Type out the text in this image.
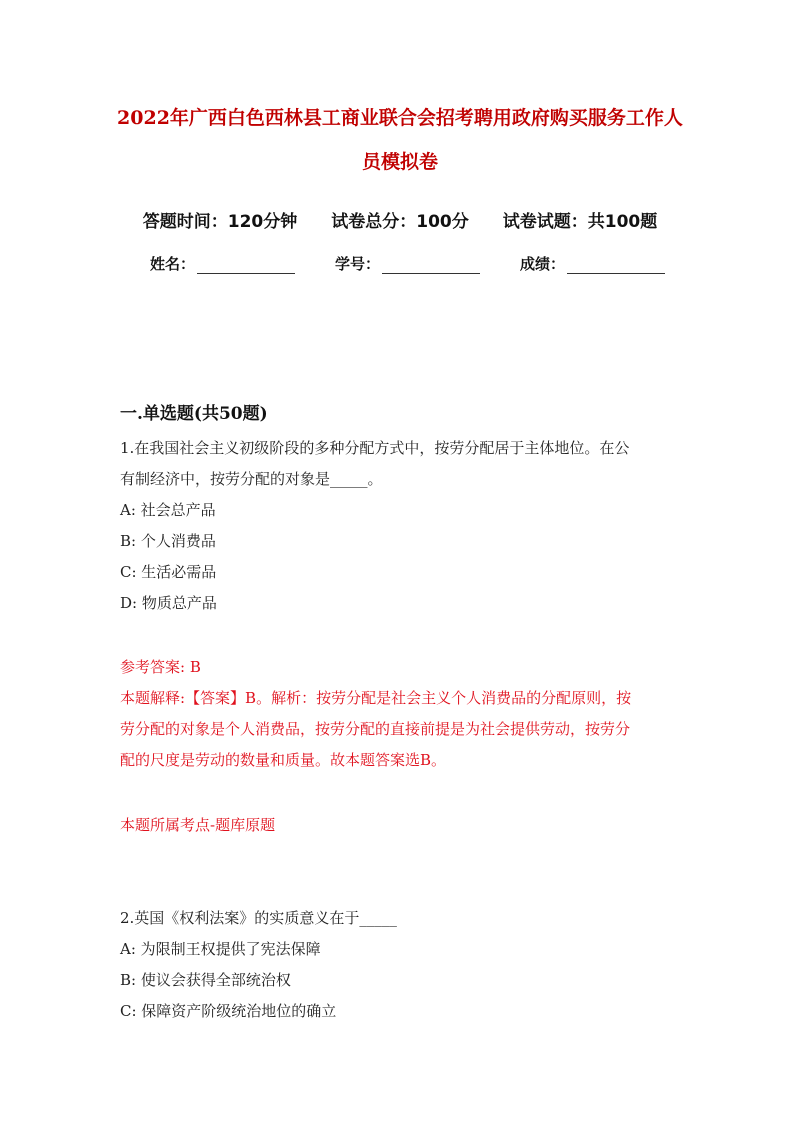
2022年广西白色西林县工商业联合会招考聘用政府购买服务工作人
员模拟卷
答题时间：120分钟 试卷总分：100分 试卷试题：共100题
姓名：	学号：	成绩：
一.单选题(共50题)

1.在我国社会主义初级阶段的多种分配方式中，按劳分配居于主体地位。在公

有制经济中，按劳分配的对象是_____。

A: 社会总产品

B: 个人消费品

C: 生活必需品

D: 物质总产品

参考答案: B

本题解释:【答案】B。解析：按劳分配是社会主义个人消费品的分配原则，按

劳分配的对象是个人消费品，按劳分配的直接前提是为社会提供劳动，按劳分

配的尺度是劳动的数量和质量。故本题答案选B。

本题所属考点-题库原题

2.英国《权利法案》的实质意义在于_____

A: 为限制王权提供了宪法保障

B: 使议会获得全部统治权

C: 保障资产阶级统治地位的确立
